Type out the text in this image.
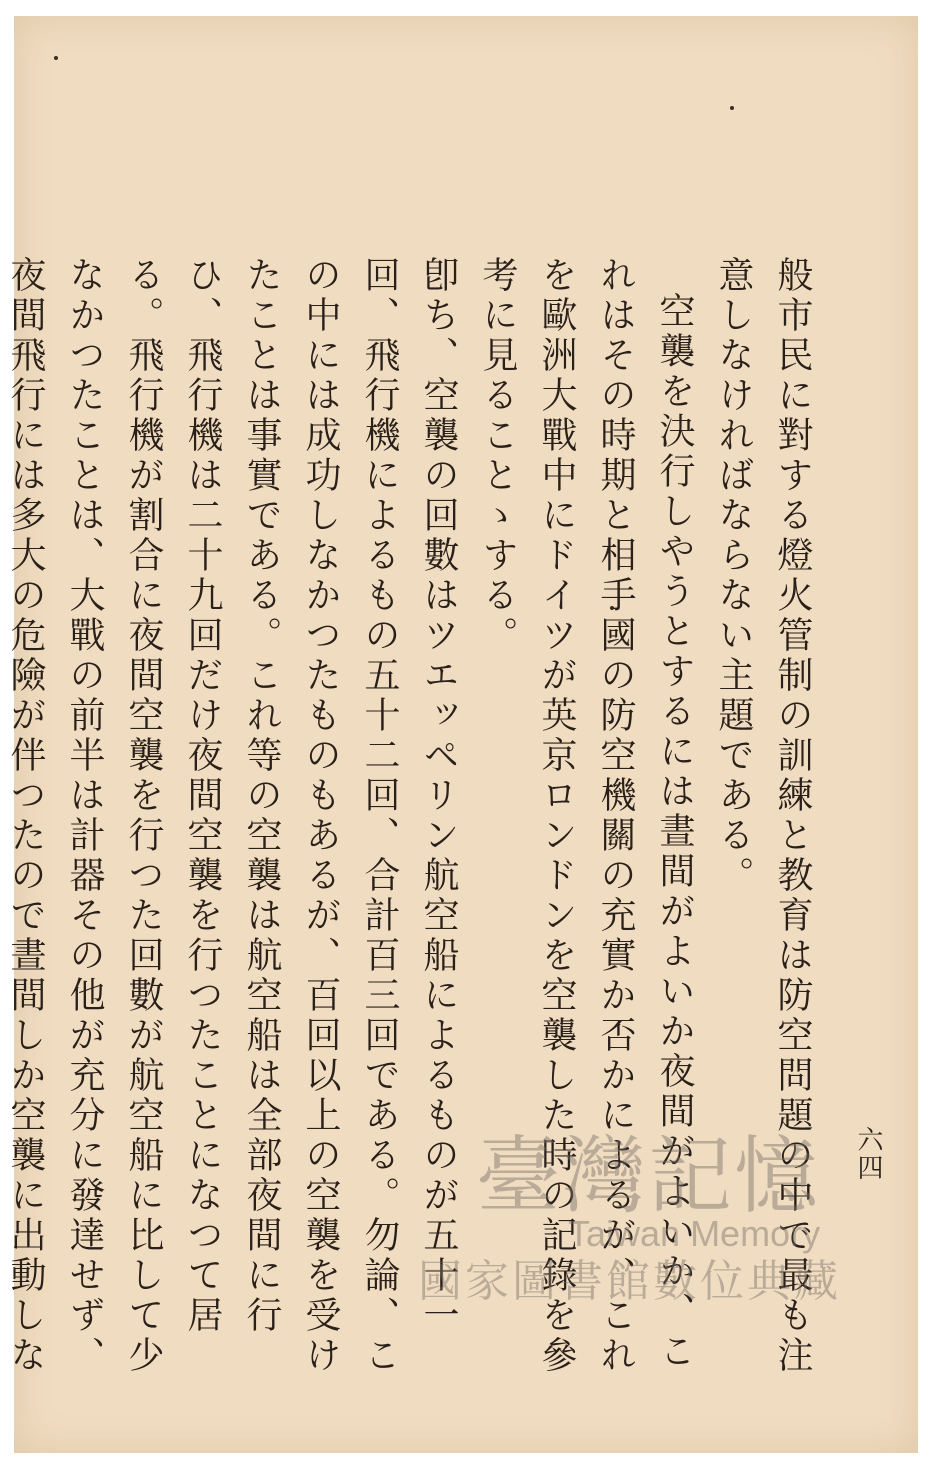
般市民に對する燈火管制の訓練と教育は防空問題の中で最も注意しなければならない主題である。

空襲を決行しやうとするには晝間がよいか夜間がよいか、これはその時期と相手國の防空機關の充實か否かによるが、これを歐洲大戰中にドイツが英京ロンドンを空襲した時の記錄を參考に見ることゝする。

卽ち、空襲の回數はツエッペリン航空船によるものが五十一回、飛行機によるもの五十二回、合計百三回である。勿論、この中には成功しなかつたものもあるが、百回以上の空襲を受けたことは事實である。これ等の空襲は航空船は全部夜間に行ひ、飛行機は二十九回だけ夜間空襲を行つたことになつて居る。飛行機が割合に夜間空襲を行つた回數が航空船に比して少なかつたことは、大戰の前半は計器その他が充分に發達せず、夜間飛行には多大の危險が伴つたので晝間しか空襲に出動しな

六四
臺灣記憶
Taiwan Memory
國家圖書館數位典藏
